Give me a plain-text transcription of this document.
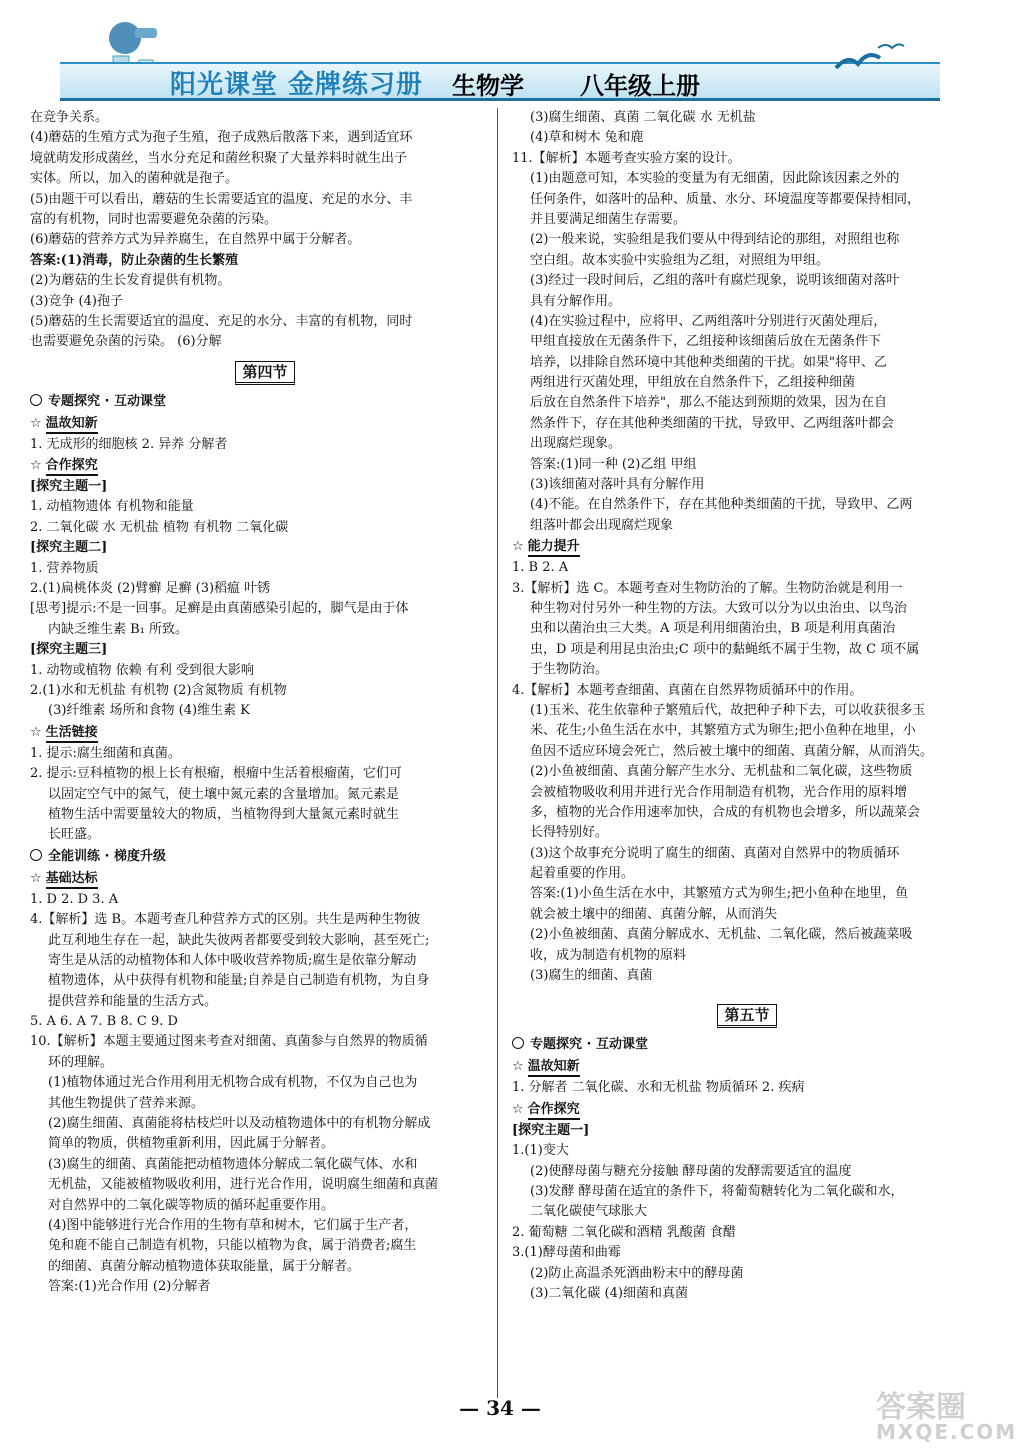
阳光课堂 金牌练习册 生物学 八年级上册
在竞争关系。
(4)蘑菇的生殖方式为孢子生殖，孢子成熟后散落下来，遇到适宜环
境就萌发形成菌丝，当水分充足和菌丝积聚了大量养料时就生出子
实体。所以，加入的菌种就是孢子。
(5)由题干可以看出，蘑菇的生长需要适宜的温度、充足的水分、丰
富的有机物，同时也需要避免杂菌的污染。
(6)蘑菇的营养方式为异养腐生，在自然界中属于分解者。
答案:(1)消毒，防止杂菌的生长繁殖
(2)为蘑菇的生长发育提供有机物。
(3)竞争 (4)孢子
(5)蘑菇的生长需要适宜的温度、充足的水分、丰富的有机物，同时
也需要避免杂菌的污染。 (6)分解
第四节
专题探究 · 互动课堂
☆ 温故知新
1. 无成形的细胞核 2. 异养 分解者
☆ 合作探究
[探究主题一]
1. 动植物遗体 有机物和能量
2. 二氧化碳 水 无机盐 植物 有机物 二氧化碳
[探究主题二]
1. 营养物质
2.(1)扁桃体炎 (2)臂癣 足癣 (3)稻瘟 叶锈
[思考]提示:不是一回事。足癣是由真菌感染引起的，脚气是由于体
内缺乏维生素 B₁ 所致。
[探究主题三]
1. 动物或植物 依赖 有利 受到很大影响
2.(1)水和无机盐 有机物 (2)含氮物质 有机物
(3)纤维素 场所和食物 (4)维生素 K
☆ 生活链接
1. 提示:腐生细菌和真菌。
2. 提示:豆科植物的根上长有根瘤，根瘤中生活着根瘤菌，它们可
以固定空气中的氮气，使土壤中氮元素的含量增加。氮元素是
植物生活中需要量较大的物质，当植物得到大量氮元素时就生
长旺盛。
全能训练 · 梯度升级
☆ 基础达标
1. D 2. D 3. A
4.【解析】选 B。本题考查几种营养方式的区别。共生是两种生物彼
此互利地生存在一起，缺此失彼两者都要受到较大影响，甚至死亡;
寄生是从活的动植物体和人体中吸收营养物质;腐生是依靠分解动
植物遗体，从中获得有机物和能量;自养是自己制造有机物，为自身
提供营养和能量的生活方式。
5. A 6. A 7. B 8. C 9. D
10.【解析】本题主要通过图来考查对细菌、真菌参与自然界的物质循
环的理解。
(1)植物体通过光合作用利用无机物合成有机物，不仅为自己也为
其他生物提供了营养来源。
(2)腐生细菌、真菌能将枯枝烂叶以及动植物遗体中的有机物分解成
简单的物质，供植物重新利用，因此属于分解者。
(3)腐生的细菌、真菌能把动植物遗体分解成二氧化碳气体、水和
无机盐，又能被植物吸收利用，进行光合作用，说明腐生细菌和真菌
对自然界中的二氧化碳等物质的循环起重要作用。
(4)图中能够进行光合作用的生物有草和树木，它们属于生产者，
兔和鹿不能自己制造有机物，只能以植物为食，属于消费者;腐生
的细菌、真菌分解动植物遗体获取能量，属于分解者。
答案:(1)光合作用 (2)分解者
(3)腐生细菌、真菌 二氧化碳 水 无机盐
(4)草和树木 兔和鹿
11.【解析】本题考查实验方案的设计。
(1)由题意可知，本实验的变量为有无细菌，因此除该因素之外的
任何条件，如落叶的品种、质量、水分、环境温度等都要保持相同，
并且要满足细菌生存需要。
(2)一般来说，实验组是我们要从中得到结论的那组，对照组也称
空白组。故本实验中实验组为乙组，对照组为甲组。
(3)经过一段时间后，乙组的落叶有腐烂现象，说明该细菌对落叶
具有分解作用。
(4)在实验过程中，应将甲、乙两组落叶分别进行灭菌处理后，
甲组直接放在无菌条件下，乙组接种该细菌后放在无菌条件下
培养，以排除自然环境中其他种类细菌的干扰。如果"将甲、乙
两组进行灭菌处理，甲组放在自然条件下，乙组接种细菌
后放在自然条件下培养"，那么不能达到预期的效果，因为在自
然条件下，存在其他种类细菌的干扰，导致甲、乙两组落叶都会
出现腐烂现象。
答案:(1)同一种 (2)乙组 甲组
(3)该细菌对落叶具有分解作用
(4)不能。在自然条件下，存在其他种类细菌的干扰，导致甲、乙两
组落叶都会出现腐烂现象
☆ 能力提升
1. B 2. A
3.【解析】选 C。本题考查对生物防治的了解。生物防治就是利用一
种生物对付另外一种生物的方法。大致可以分为以虫治虫、以鸟治
虫和以菌治虫三大类。A 项是利用细菌治虫，B 项是利用真菌治
虫，D 项是利用昆虫治虫;C 项中的黏蝇纸不属于生物，故 C 项不属
于生物防治。
4.【解析】本题考查细菌、真菌在自然界物质循环中的作用。
(1)玉米、花生依靠种子繁殖后代，故把种子种下去，可以收获很多玉
米、花生;小鱼生活在水中，其繁殖方式为卵生;把小鱼种在地里，小
鱼因不适应环境会死亡，然后被土壤中的细菌、真菌分解，从而消失。
(2)小鱼被细菌、真菌分解产生水分、无机盐和二氧化碳，这些物质
会被植物吸收利用并进行光合作用制造有机物，光合作用的原料增
多，植物的光合作用速率加快，合成的有机物也会增多，所以蔬菜会
长得特别好。
(3)这个故事充分说明了腐生的细菌、真菌对自然界中的物质循环
起着重要的作用。
答案:(1)小鱼生活在水中，其繁殖方式为卵生;把小鱼种在地里，鱼
就会被土壤中的细菌、真菌分解，从而消失
(2)小鱼被细菌、真菌分解成水、无机盐、二氧化碳，然后被蔬菜吸
收，成为制造有机物的原料
(3)腐生的细菌、真菌
第五节
专题探究 · 互动课堂
☆ 温故知新
1. 分解者 二氧化碳、水和无机盐 物质循环 2. 疾病
☆ 合作探究
[探究主题一]
1.(1)变大
(2)使酵母菌与糖充分接触 酵母菌的发酵需要适宜的温度
(3)发酵 酵母菌在适宜的条件下，将葡萄糖转化为二氧化碳和水，
二氧化碳使气球胀大
2. 葡萄糖 二氧化碳和酒精 乳酸菌 食醋
3.(1)酵母菌和曲霉
(2)防止高温杀死酒曲粉末中的酵母菌
(3)二氧化碳 (4)细菌和真菌
— 34 —	答案圈
MXQE.COM
